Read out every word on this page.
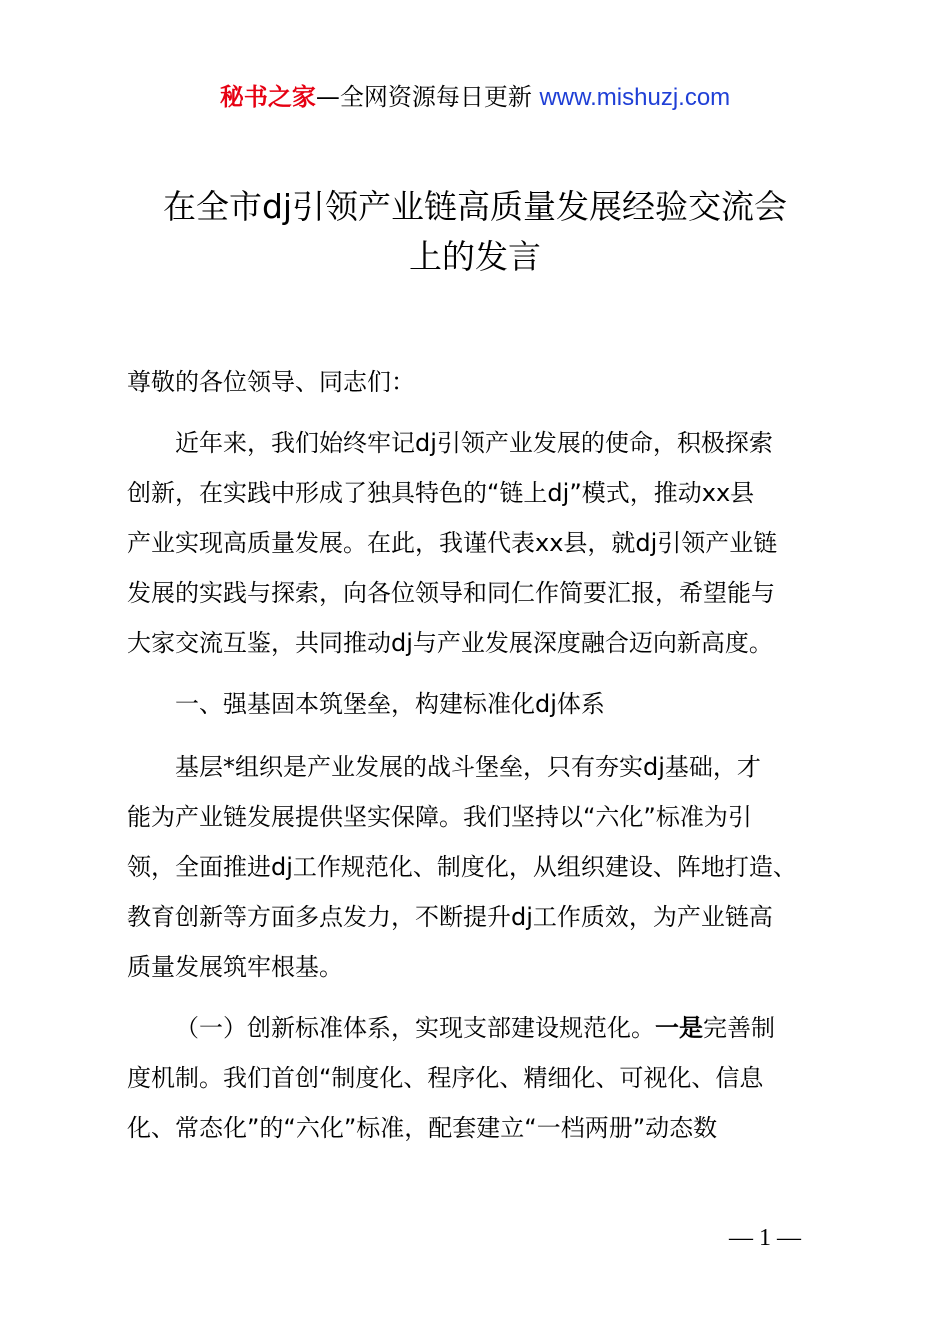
秘书之家—全网资源每日更新 www.mishuzj.com
在全市dj引领产业链高质量发展经验交流会
上的发言
尊敬的各位领导、同志们：
近年来，我们始终牢记dj引领产业发展的使命，积极探索
创新，在实践中形成了独具特色的“链上dj”模式，推动xx县
产业实现高质量发展。在此，我谨代表xx县，就dj引领产业链
发展的实践与探索，向各位领导和同仁作简要汇报，希望能与
大家交流互鉴，共同推动dj与产业发展深度融合迈向新高度。
一、强基固本筑堡垒，构建标准化dj体系
基层*组织是产业发展的战斗堡垒，只有夯实dj基础，才
能为产业链发展提供坚实保障。我们坚持以“六化”标准为引
领，全面推进dj工作规范化、制度化，从组织建设、阵地打造、
教育创新等方面多点发力，不断提升dj工作质效，为产业链高
质量发展筑牢根基。
（一）创新标准体系，实现支部建设规范化。一是完善制
度机制。我们首创“制度化、程序化、精细化、可视化、信息
化、常态化”的“六化”标准，配套建立“一档两册”动态数
— 1 —
